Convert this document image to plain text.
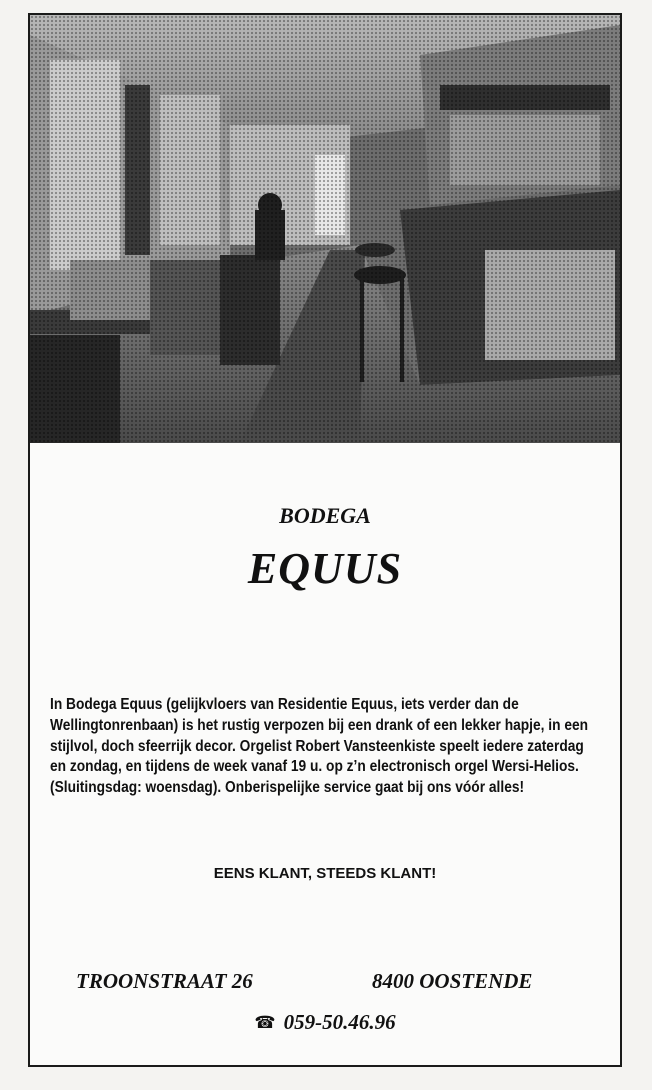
BODEGA
EQUUS

In Bodega Equus (gelijkvloers van Residentie Equus, iets verder dan de Wellingtonrenbaan) is het rustig verpozen bij een drank of een lekker hapje, in een stijlvol, doch sfeerrijk decor. Orgelist Robert Vansteenkiste speelt iedere zaterdag en zondag, en tijdens de week vanaf 19 u. op z’n electronisch orgel Wersi-Helios. (Sluitingsdag: woensdag). Onberispelijke service gaat bij ons vóór alles!

EENS KLANT, STEEDS KLANT!

TROONSTRAAT 26	8400 OOSTENDE

☎ 059-50.46.96
